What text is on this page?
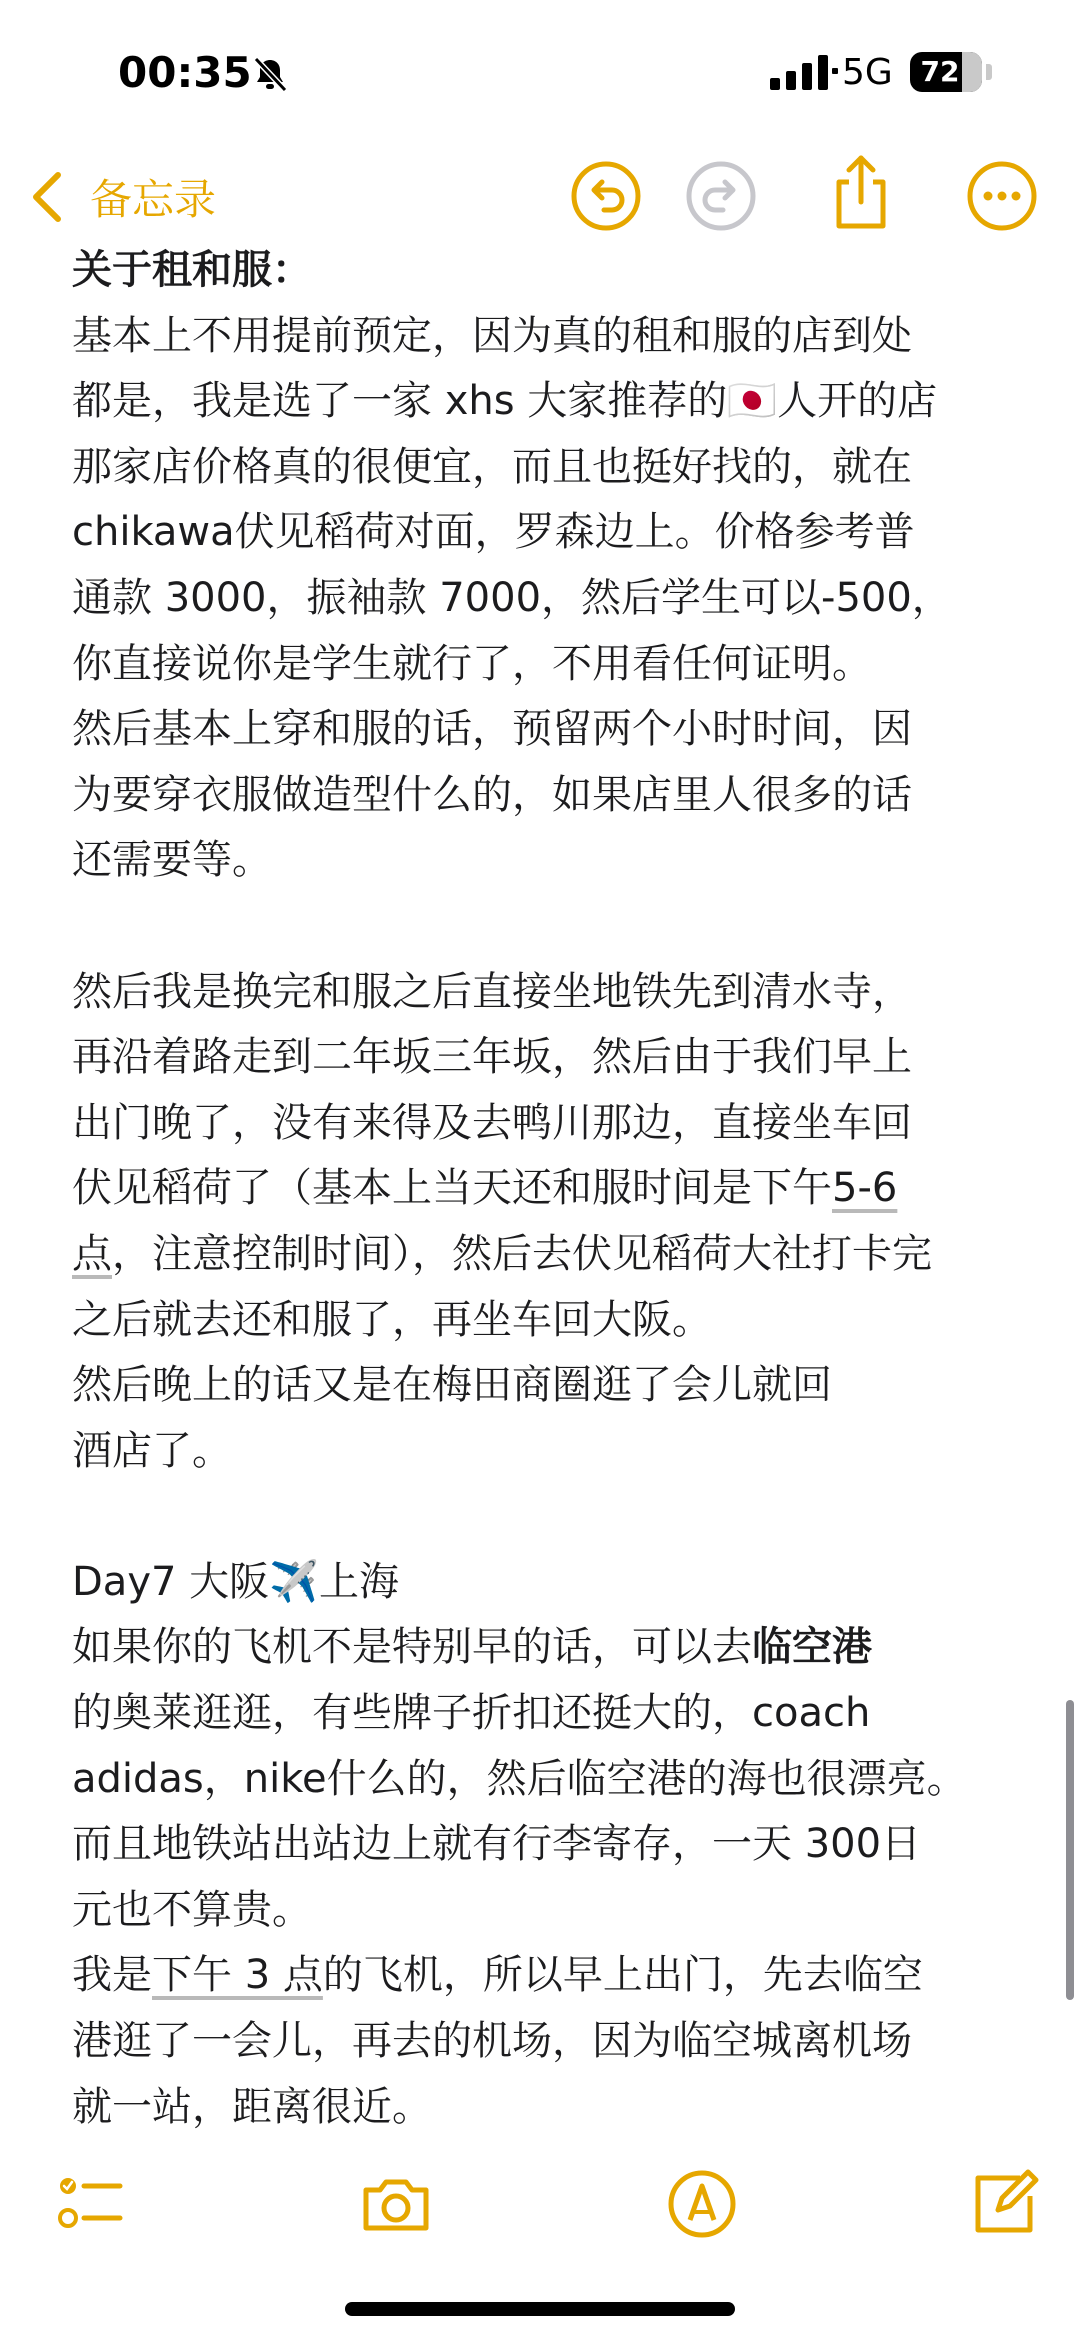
00:35	5G 72
备忘录

关于租和服：

基本上不用提前预定，因为真的租和服的店到处

都是，我是选了一家 xhs 大家推荐的🇯🇵人开的店

那家店价格真的很便宜，而且也挺好找的，就在

chikawa伏见稻荷对面，罗森边上。价格参考普

通款 3000，振袖款 7000，然后学生可以-500，

你直接说你是学生就行了，不用看任何证明。

然后基本上穿和服的话，预留两个小时时间，因

为要穿衣服做造型什么的，如果店里人很多的话

还需要等。

然后我是换完和服之后直接坐地铁先到清水寺，

再沿着路走到二年坂三年坂，然后由于我们早上

出门晚了，没有来得及去鸭川那边，直接坐车回

伏见稻荷了（基本上当天还和服时间是下午5-6

点，注意控制时间），然后去伏见稻荷大社打卡完

之后就去还和服了，再坐车回大阪。

然后晚上的话又是在梅田商圈逛了会儿就回

酒店了。

Day7 大阪✈️上海

如果你的飞机不是特别早的话，可以去临空港

的奥莱逛逛，有些牌子折扣还挺大的，coach

adidas，nike什么的，然后临空港的海也很漂亮。

而且地铁站出站边上就有行李寄存，一天 300日

元也不算贵。

我是下午 3 点的飞机，所以早上出门，先去临空

港逛了一会儿，再去的机场，因为临空城离机场

就一站，距离很近。
